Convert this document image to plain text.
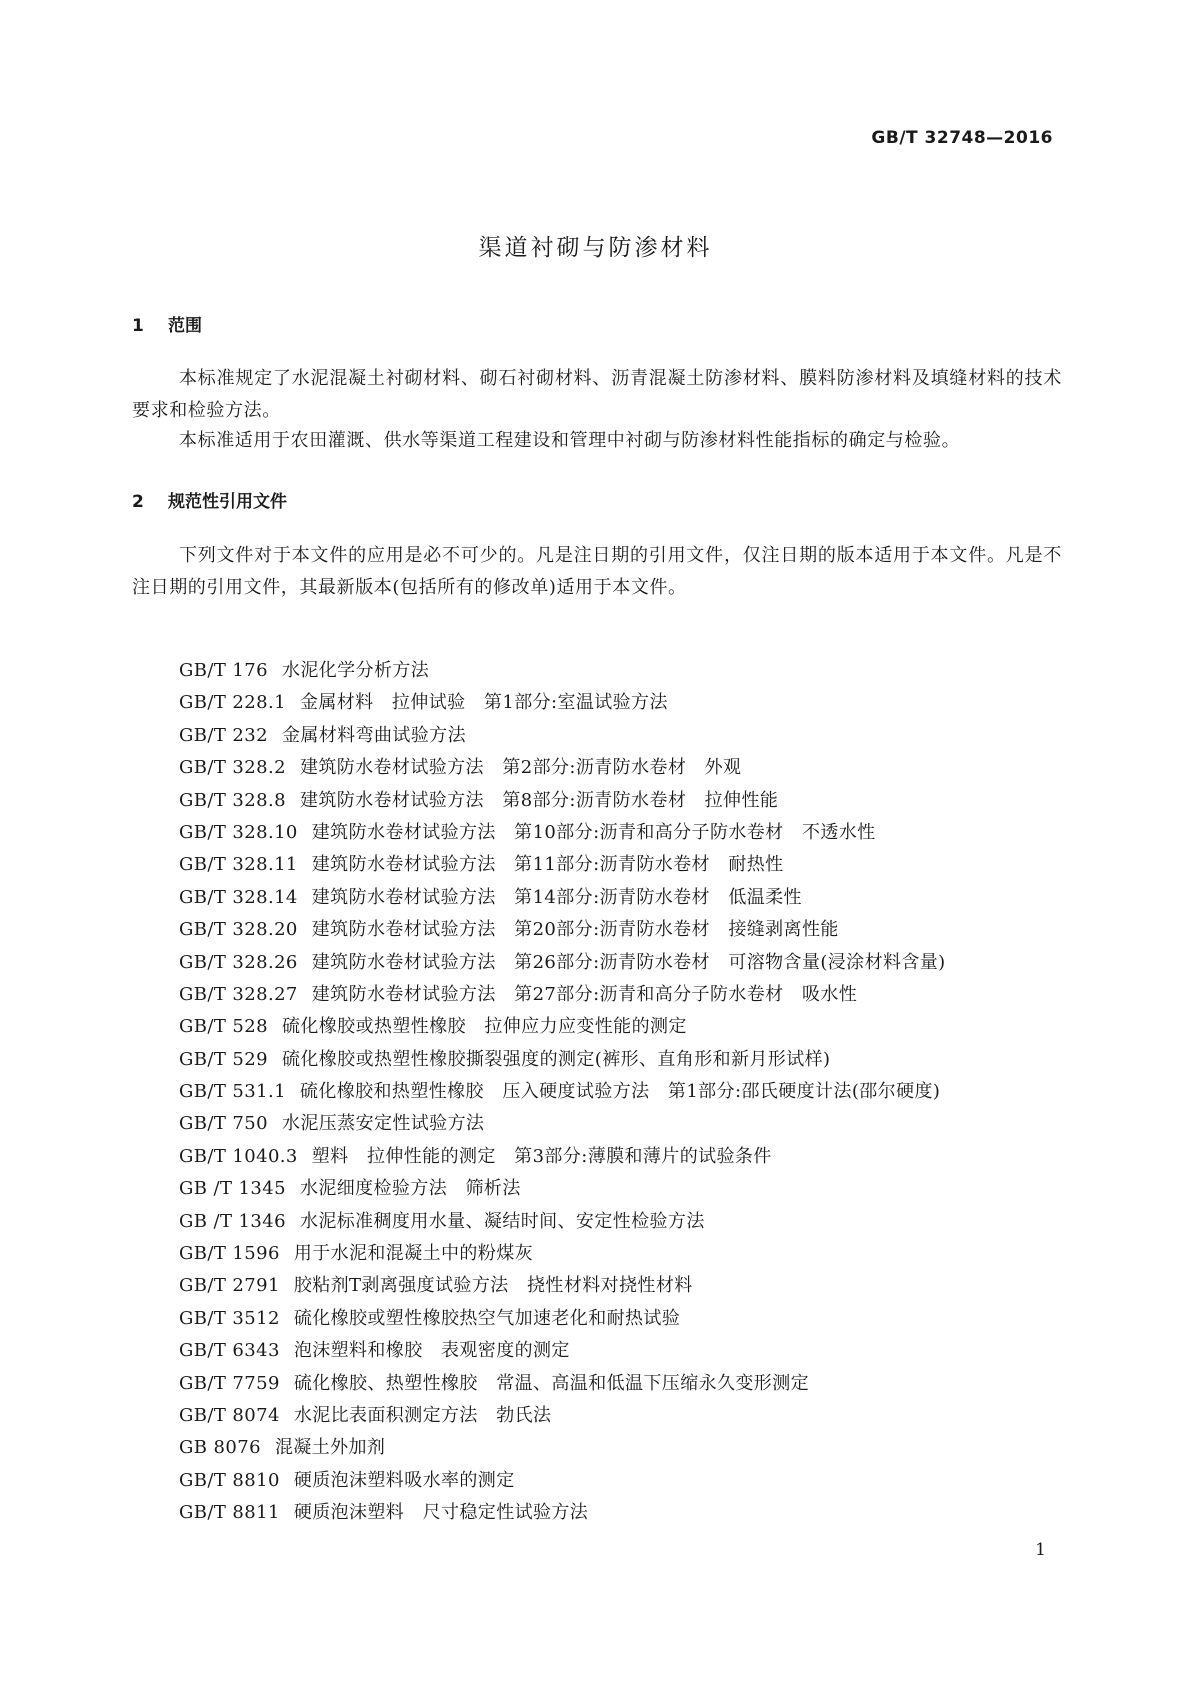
GB/T 32748—2016
渠道衬砌与防渗材料
1 范围
本标准规定了水泥混凝土衬砌材料、砌石衬砌材料、沥青混凝土防渗材料、膜料防渗材料及填缝材料的技术要求和检验方法。
本标准适用于农田灌溉、供水等渠道工程建设和管理中衬砌与防渗材料性能指标的确定与检验。
2 规范性引用文件
下列文件对于本文件的应用是必不可少的。凡是注日期的引用文件，仅注日期的版本适用于本文件。凡是不注日期的引用文件，其最新版本(包括所有的修改单)适用于本文件。
GB/T 176 水泥化学分析方法
GB/T 228.1 金属材料　拉伸试验　第1部分:室温试验方法
GB/T 232 金属材料弯曲试验方法
GB/T 328.2 建筑防水卷材试验方法　第2部分:沥青防水卷材　外观
GB/T 328.8 建筑防水卷材试验方法　第8部分:沥青防水卷材　拉伸性能
GB/T 328.10 建筑防水卷材试验方法　第10部分:沥青和高分子防水卷材　不透水性
GB/T 328.11 建筑防水卷材试验方法　第11部分:沥青防水卷材　耐热性
GB/T 328.14 建筑防水卷材试验方法　第14部分:沥青防水卷材　低温柔性
GB/T 328.20 建筑防水卷材试验方法　第20部分:沥青防水卷材　接缝剥离性能
GB/T 328.26 建筑防水卷材试验方法　第26部分:沥青防水卷材　可溶物含量(浸涂材料含量)
GB/T 328.27 建筑防水卷材试验方法　第27部分:沥青和高分子防水卷材　吸水性
GB/T 528 硫化橡胶或热塑性橡胶　拉伸应力应变性能的测定
GB/T 529 硫化橡胶或热塑性橡胶撕裂强度的测定(裤形、直角形和新月形试样)
GB/T 531.1 硫化橡胶和热塑性橡胶　压入硬度试验方法　第1部分:邵氏硬度计法(邵尔硬度)
GB/T 750 水泥压蒸安定性试验方法
GB/T 1040.3 塑料　拉伸性能的测定　第3部分:薄膜和薄片的试验条件
GB /T 1345 水泥细度检验方法　筛析法
GB /T 1346 水泥标准稠度用水量、凝结时间、安定性检验方法
GB/T 1596 用于水泥和混凝土中的粉煤灰
GB/T 2791 胶粘剂T剥离强度试验方法　挠性材料对挠性材料
GB/T 3512 硫化橡胶或塑性橡胶热空气加速老化和耐热试验
GB/T 6343 泡沫塑料和橡胶　表观密度的测定
GB/T 7759 硫化橡胶、热塑性橡胶　常温、高温和低温下压缩永久变形测定
GB/T 8074 水泥比表面积测定方法　勃氏法
GB 8076 混凝土外加剂
GB/T 8810 硬质泡沫塑料吸水率的测定
GB/T 8811 硬质泡沫塑料　尺寸稳定性试验方法
1
